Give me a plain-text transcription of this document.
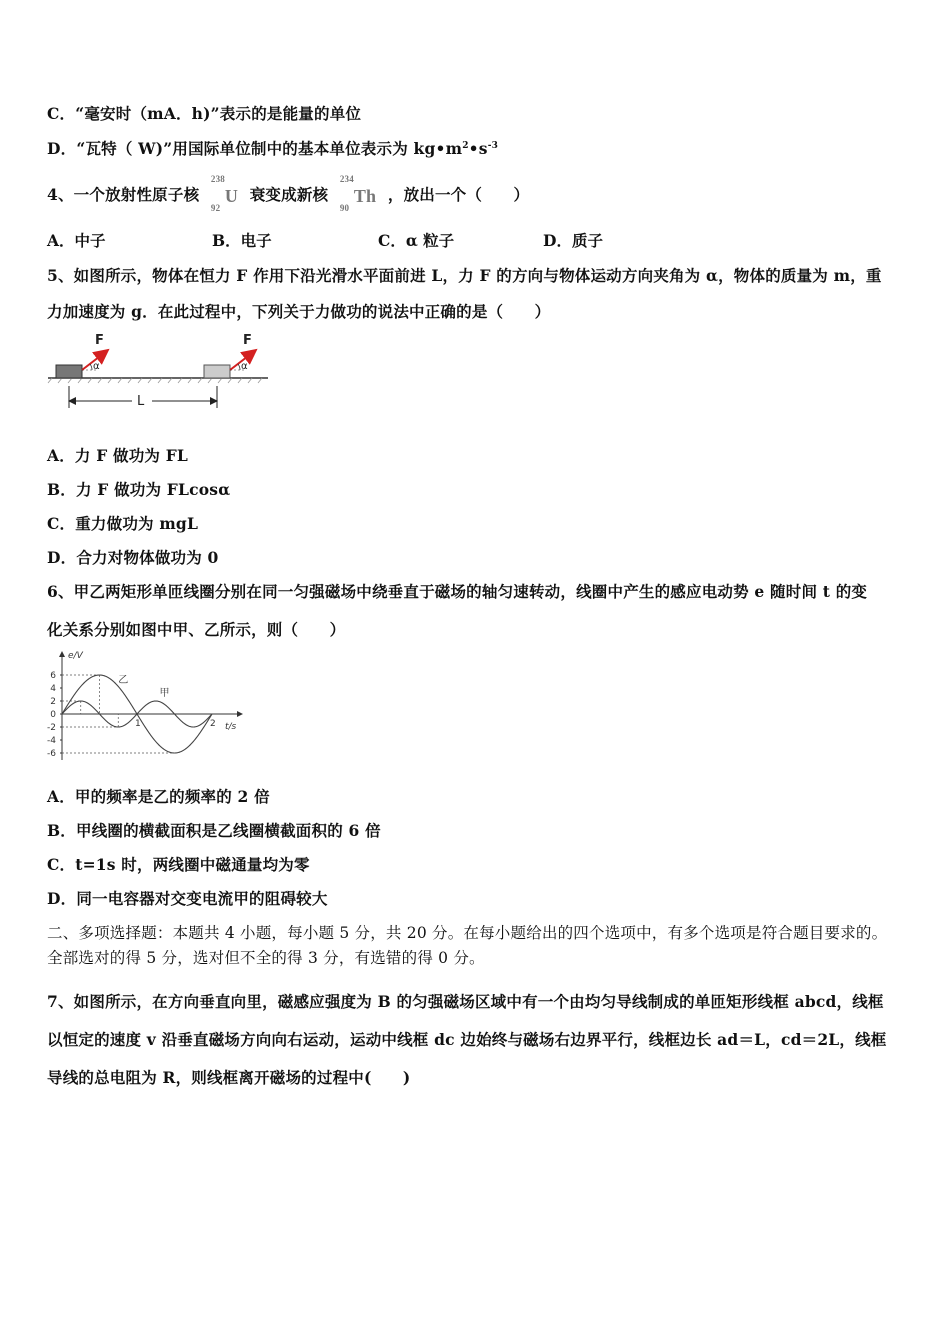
C．“毫安时（mA．h)”表示的是能量的单位
D．“瓦特（ W)”用国际单位制中的基本单位表示为 $kg•m^2•s^{-3}$
4、一个放射性原子核
238
92
U 衰变成新核
234
90
Th ，放出一个（　　）
A．中子	B．电子	C．α 粒子	D．质子
5、如图所示，物体在恒力 F 作用下沿光滑水平面前进 L，力 F 的方向与物体运动方向夹角为 α，物体的质量为 m，重
力加速度为 g．在此过程中，下列关于力做功的说法中正确的是（　　）
F	F
α	α
L
A．力 F 做功为 FL
B．力 F 做功为 FLcosα
C．重力做功为 mgL
D．合力对物体做功为 0
6、甲乙两矩形单匝线圈分别在同一匀强磁场中绕垂直于磁场的轴匀速转动，线圈中产生的感应电动势 e 随时间 t 的变
化关系分别如图中甲、乙所示，则（　　）
e/V
t/s
6
4
2
0
-2
-4
-6
1	2
甲
乙
A．甲的频率是乙的频率的 2 倍
B．甲线圈的横截面积是乙线圈横截面积的 6 倍
C．t=1s 时，两线圈中磁通量均为零
D．同一电容器对交变电流甲的阻碍较大
二、多项选择题：本题共 4 小题，每小题 5 分，共 20 分。在每小题给出的四个选项中，有多个选项是符合题目要求的。
全部选对的得 5 分，选对但不全的得 3 分，有选错的得 0 分。
7、如图所示，在方向垂直向里，磁感应强度为 B 的匀强磁场区域中有一个由均匀导线制成的单匝矩形线框 abcd，线框
以恒定的速度 v 沿垂直磁场方向向右运动，运动中线框 dc 边始终与磁场右边界平行，线框边长 ad＝L，cd＝2L，线框
导线的总电阻为 R，则线框离开磁场的过程中(　　)
